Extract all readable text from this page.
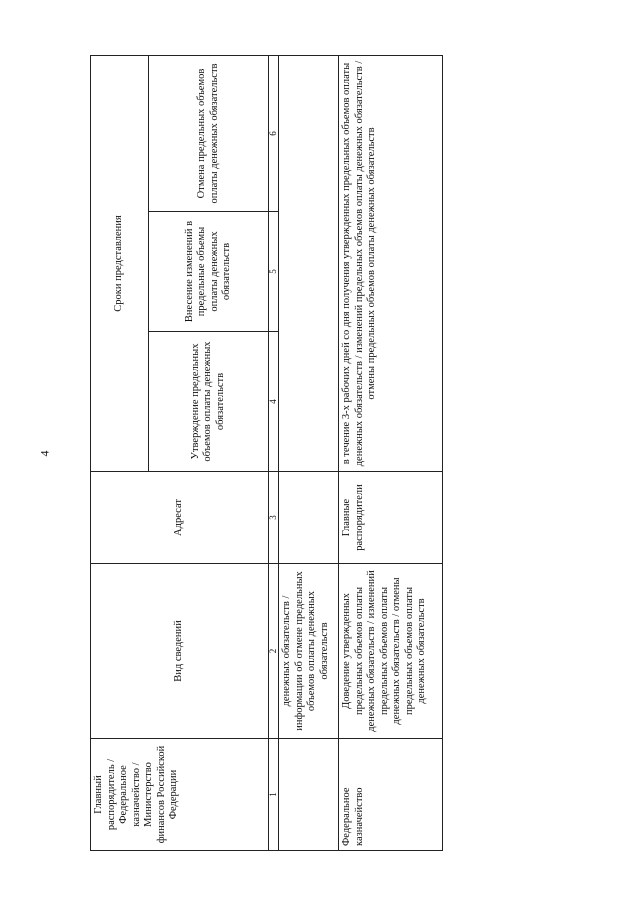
4
Главный распорядитель / Федеральное казначейство / Министерство финансов Российской Федерации	Вид сведений	Адресат	Сроки представления		
			Утверждение предельных объемов оплаты денежных обязательств	Внесение изменений в предельные объемы оплаты денежных обязательств	Отмена предельных объемов оплаты денежных обязательств
1	2	3	4	5	6
	денежных обязательств / информации об отмене предельных объемов оплаты денежных обязательств				
Федеральное казначейство	Доведение утвержденных предельных объемов оплаты денежных обязательств / изменений предельных объемов оплаты денежных обязательств / отмены предельных объемов оплаты денежных обязательств	Главные распорядители	в течение 3-х рабочих дней со дня получения утвержденных предельных объемов оплаты денежных обязательств / изменений предельных объемов оплаты денежных обязательств / отмены предельных объемов оплаты денежных обязательств		
